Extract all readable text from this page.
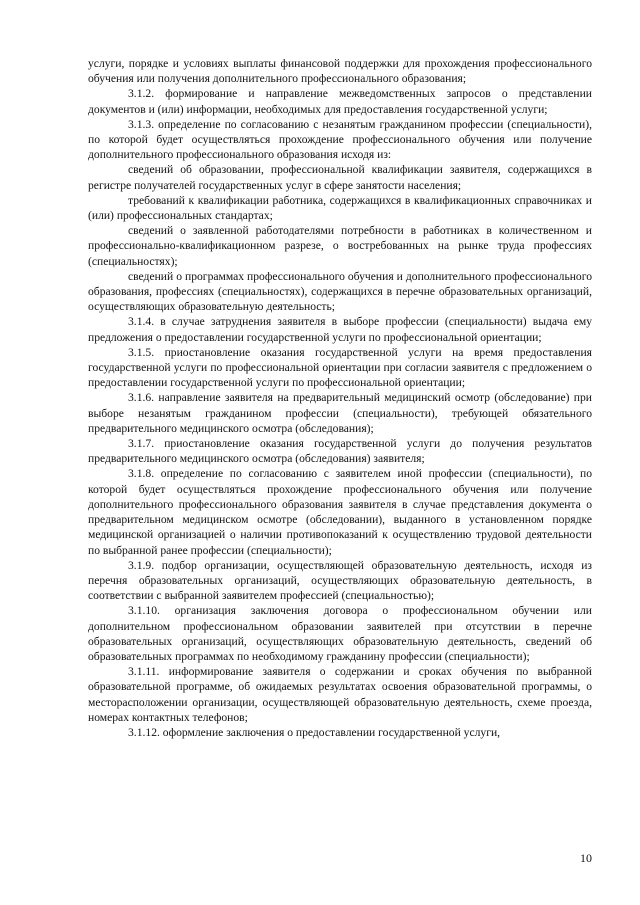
услуги, порядке и условиях выплаты финансовой поддержки для прохождения профессионального обучения или получения дополнительного профессионального образования;

3.1.2. формирование и направление межведомственных запросов о представлении документов и (или) информации, необходимых для предоставления государственной услуги;

3.1.3. определение по согласованию с незанятым гражданином профессии (специальности), по которой будет осуществляться прохождение профессионального обучения или получение дополнительного профессионального образования исходя из:

сведений об образовании, профессиональной квалификации заявителя, содержащихся в регистре получателей государственных услуг в сфере занятости населения;

требований к квалификации работника, содержащихся в квалификационных справочниках и (или) профессиональных стандартах;

сведений о заявленной работодателями потребности в работниках в количественном и профессионально-квалификационном разрезе, о востребованных на рынке труда профессиях (специальностях);

сведений о программах профессионального обучения и дополнительного профессионального образования, профессиях (специальностях), содержащихся в перечне образовательных организаций, осуществляющих образовательную деятельность;

3.1.4. в случае затруднения заявителя в выборе профессии (специальности) выдача ему предложения о предоставлении государственной услуги по профессиональной ориентации;

3.1.5. приостановление оказания государственной услуги на время предоставления государственной услуги по профессиональной ориентации при согласии заявителя с предложением о предоставлении государственной услуги по профессиональной ориентации;

3.1.6. направление заявителя на предварительный медицинский осмотр (обследование) при выборе незанятым гражданином профессии (специальности), требующей обязательного предварительного медицинского осмотра (обследования);

3.1.7. приостановление оказания государственной услуги до получения результатов предварительного медицинского осмотра (обследования) заявителя;

3.1.8. определение по согласованию с заявителем иной профессии (специальности), по которой будет осуществляться прохождение профессионального обучения или получение дополнительного профессионального образования заявителя в случае представления документа о предварительном медицинском осмотре (обследовании), выданного в установленном порядке медицинской организацией о наличии противопоказаний к осуществлению трудовой деятельности по выбранной ранее профессии (специальности);

3.1.9. подбор организации, осуществляющей образовательную деятельность, исходя из перечня образовательных организаций, осуществляющих образовательную деятельность, в соответствии с выбранной заявителем профессией (специальностью);

3.1.10. организация заключения договора о профессиональном обучении или дополнительном профессиональном образовании заявителей при отсутствии в перечне образовательных организаций, осуществляющих образовательную деятельность, сведений об образовательных программах по необходимому гражданину профессии (специальности);

3.1.11. информирование заявителя о содержании и сроках обучения по выбранной образовательной программе, об ожидаемых результатах освоения образовательной программы, о месторасположении организации, осуществляющей образовательную деятельность, схеме проезда, номерах контактных телефонов;

3.1.12. оформление заключения о предоставлении государственной услуги,

10
